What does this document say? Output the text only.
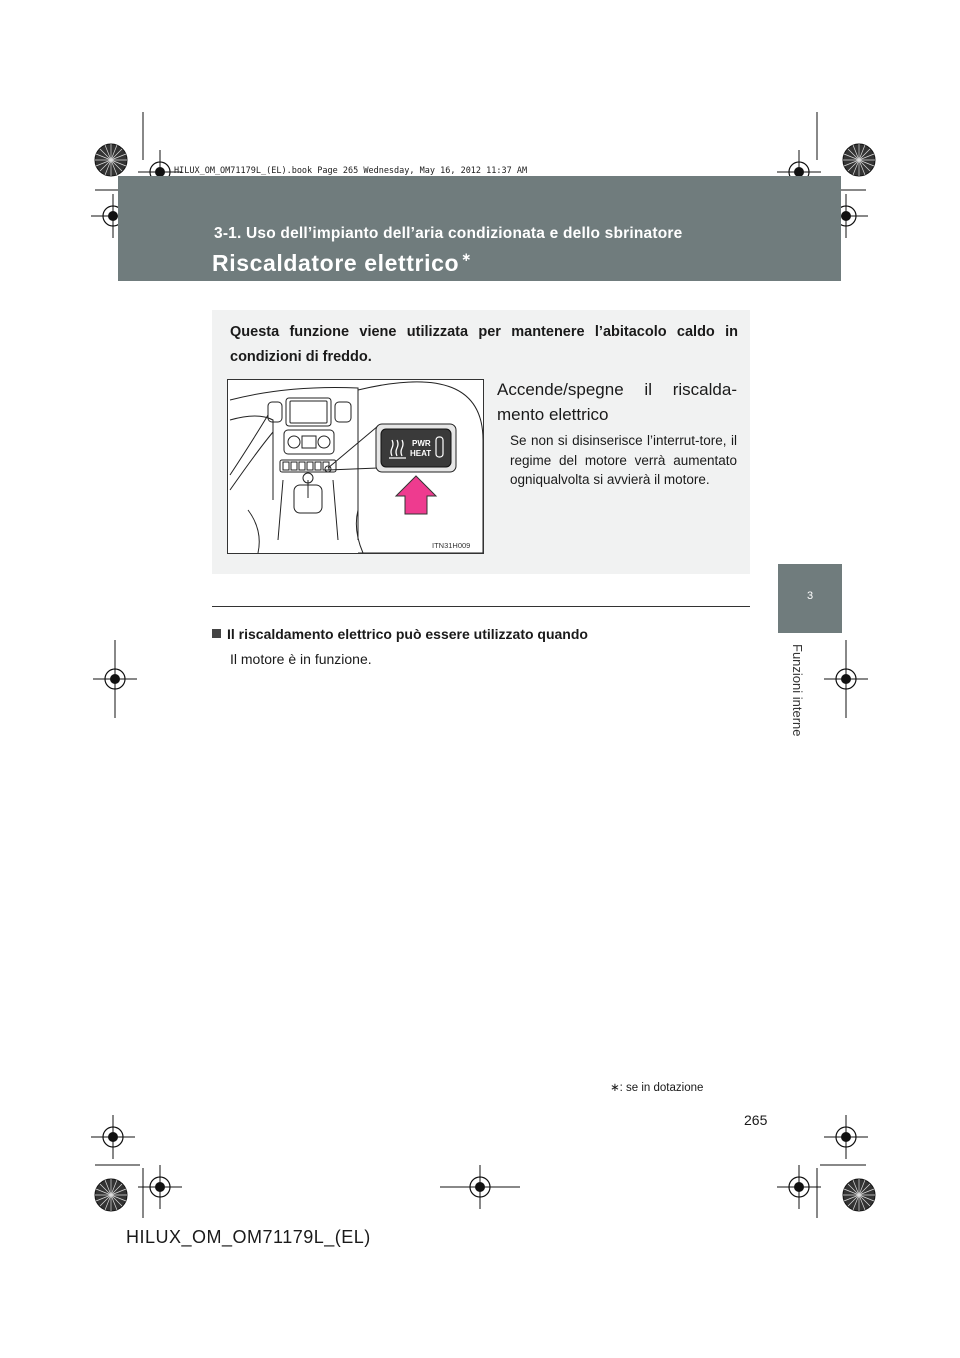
HILUX_OM_OM71179L_(EL).book Page 265 Wednesday, May 16, 2012 11:37 AM
3-1. Uso dell’impianto dell’aria condizionata e dello sbrinatore
Riscaldatore elettrico ∗
3
Funzioni interne
Questa funzione viene utilizzata per mantenere l’abitacolo caldo in condizioni di freddo.
PWR
HEAT
ITN31H009
Accende/spegne il riscalda-mento elettrico
Se non si disinserisce l’interrut-tore, il regime del motore verrà aumentato ogniqualvolta si avvierà il motore.
Il riscaldamento elettrico può essere utilizzato quando
Il motore è in funzione.
∗: se in dotazione
265
HILUX_OM_OM71179L_(EL)
